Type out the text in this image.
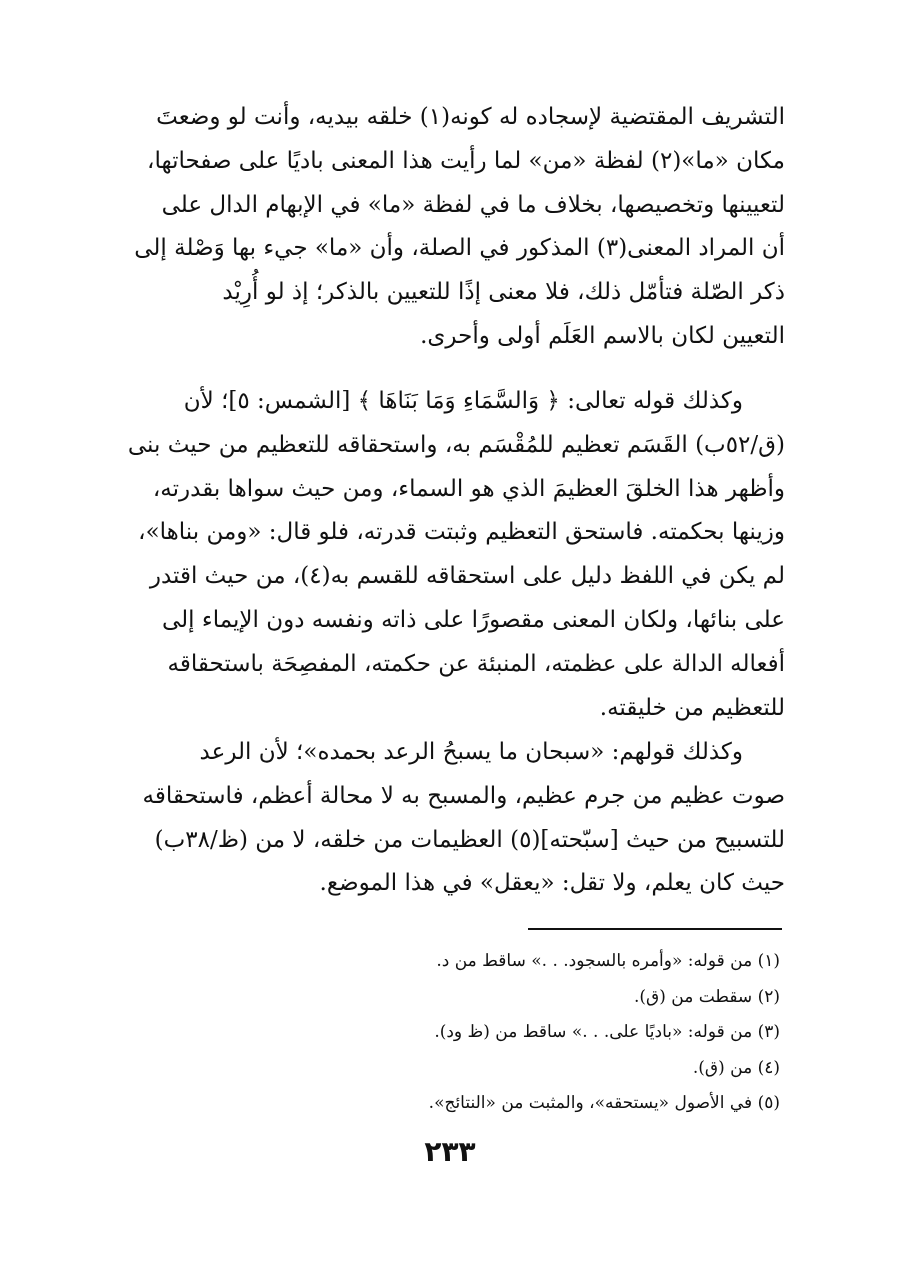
التشريف المقتضية لإسجاده له كونه(١) خلقه بيديه، وأنت لو وضعتَ

مكان «ما»(٢) لفظة «من» لما رأيت هذا المعنى باديًا على صفحاتها،

لتعيينها وتخصيصها، بخلاف ما في لفظة «ما» في الإبهام الدال على

أن المراد المعنى(٣) المذكور في الصلة، وأن «ما» جيء بها وَصْلة إلى

ذكر الصّلة فتأمّل ذلك، فلا معنى إذًا للتعيين بالذكر؛ إذ لو أُرِيْد

التعيين لكان بالاسم العَلَم أولى وأحرى.

وكذلك قوله تعالى: ﴿ وَالسَّمَاءِ وَمَا بَنَاهَا ﴾ [الشمس: ٥]؛ لأن

(ق/٥٢ب) القَسَم تعظيم للمُقْسَم به، واستحقاقه للتعظيم من حيث بنى

وأظهر هذا الخلقَ العظيمَ الذي هو السماء، ومن حيث سواها بقدرته،

وزينها بحكمته. فاستحق التعظيم وثبتت قدرته، فلو قال: «ومن بناها»،

لم يكن في اللفظ دليل على استحقاقه للقسم به(٤)، من حيث اقتدر

على بنائها، ولكان المعنى مقصورًا على ذاته ونفسه دون الإيماء إلى

أفعاله الدالة على عظمته، المنبئة عن حكمته، المفصِحَة باستحقاقه

للتعظيم من خليقته.

وكذلك قولهم: «سبحان ما يسبحُ الرعد بحمده»؛ لأن الرعد

صوت عظيم من جرم عظيم، والمسبح به لا محالة أعظم، فاستحقاقه

للتسبيح من حيث [سبّحته](٥) العظيمات من خلقه، لا من (ظ/٣٨ب)

حيث كان يعلم، ولا تقل: «يعقل» في هذا الموضع.

(١) من قوله: «وأمره بالسجود. . .» ساقط من د.
(٢) سقطت من (ق).
(٣) من قوله: «باديًا على. . .» ساقط من (ظ ود).
(٤) من (ق).
(٥) في الأصول «يستحقه»، والمثبت من «النتائج».
٢٣٣
